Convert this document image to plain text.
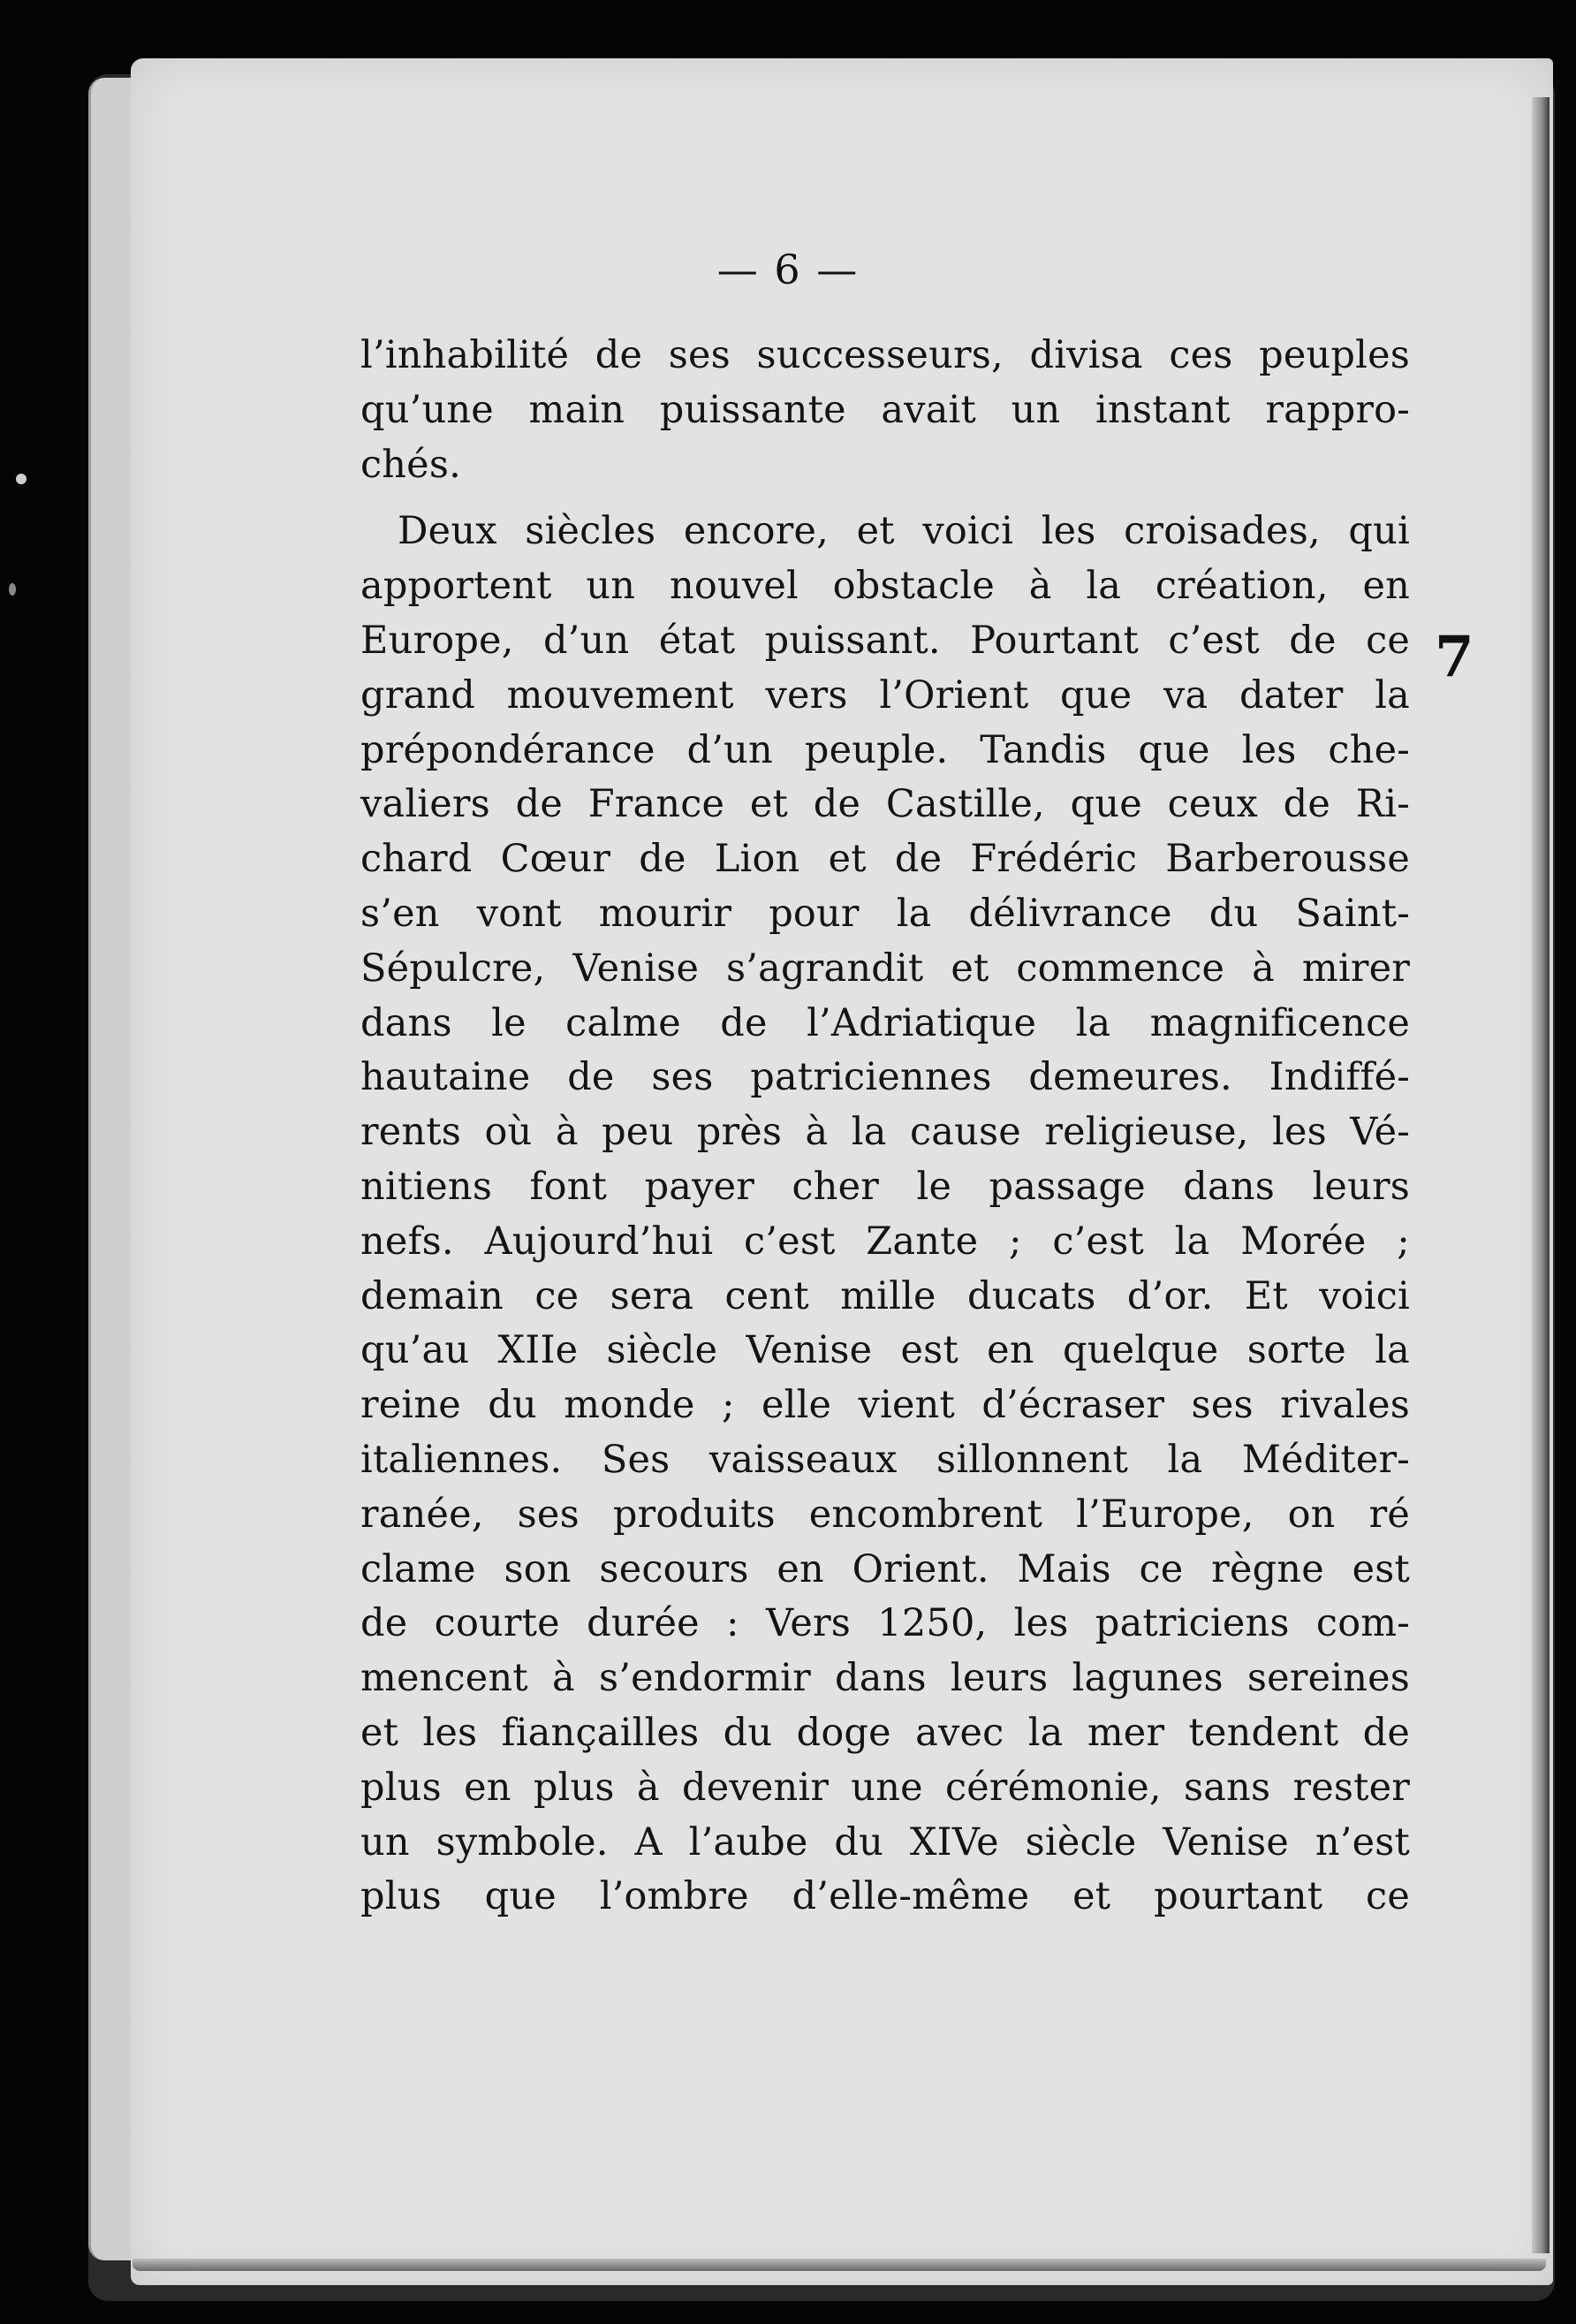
— 6 —
7
l’inhabilité de ses successeurs, divisa ces peuples
qu’une main puissante avait un instant rappro-
chés.
Deux siècles encore, et voici les croisades, qui
apportent un nouvel obstacle à la création, en
Europe, d’un état puissant. Pourtant c’est de ce
grand mouvement vers l’Orient que va dater la
prépondérance d’un peuple. Tandis que les che-
valiers de France et de Castille, que ceux de Ri-
chard Cœur de Lion et de Frédéric Barberousse
s’en vont mourir pour la délivrance du Saint-
Sépulcre, Venise s’agrandit et commence à mirer
dans le calme de l’Adriatique la magnificence
hautaine de ses patriciennes demeures. Indiffé-
rents où à peu près à la cause religieuse, les Vé-
nitiens font payer cher le passage dans leurs
nefs. Aujourd’hui c’est Zante ; c’est la Morée ;
demain ce sera cent mille ducats d’or. Et voici
qu’au XIIe siècle Venise est en quelque sorte la
reine du monde ; elle vient d’écraser ses rivales
italiennes. Ses vaisseaux sillonnent la Méditer-
ranée, ses produits encombrent l’Europe, on ré
clame son secours en Orient. Mais ce règne est
de courte durée : Vers 1250, les patriciens com-
mencent à s’endormir dans leurs lagunes sereines
et les fiançailles du doge avec la mer tendent de
plus en plus à devenir une cérémonie, sans rester
un symbole. A l’aube du XIVe siècle Venise n’est
plus que l’ombre d’elle-même et pourtant ce
